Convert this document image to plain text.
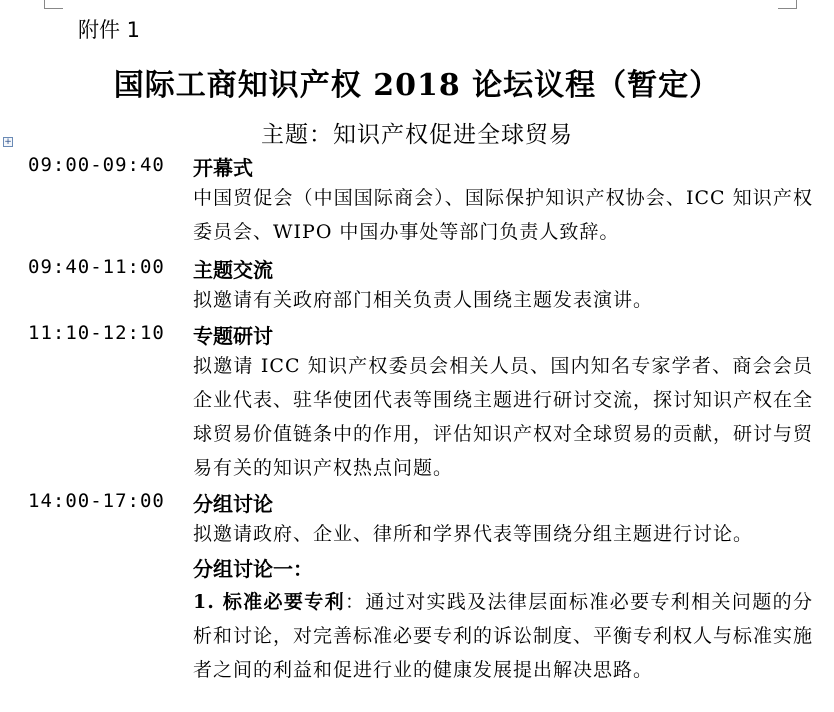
附件 1
国际工商知识产权 2018 论坛议程（暂定）
主题：知识产权促进全球贸易
+
09:00-09:40 开幕式
中国贸促会（中国国际商会）、国际保护知识产权协会、ICC 知识产权委员会、WIPO 中国办事处等部门负责人致辞。
09:40-11:00 主题交流
拟邀请有关政府部门相关负责人围绕主题发表演讲。
11:10-12:10 专题研讨
拟邀请 ICC 知识产权委员会相关人员、国内知名专家学者、商会会员企业代表、驻华使团代表等围绕主题进行研讨交流，探讨知识产权在全球贸易价值链条中的作用，评估知识产权对全球贸易的贡献，研讨与贸易有关的知识产权热点问题。
14:00-17:00 分组讨论
拟邀请政府、企业、律所和学界代表等围绕分组主题进行讨论。
分组讨论一：
1. 标准必要专利：通过对实践及法律层面标准必要专利相关问题的分析和讨论，对完善标准必要专利的诉讼制度、平衡专利权人与标准实施者之间的利益和促进行业的健康发展提出解决思路。
